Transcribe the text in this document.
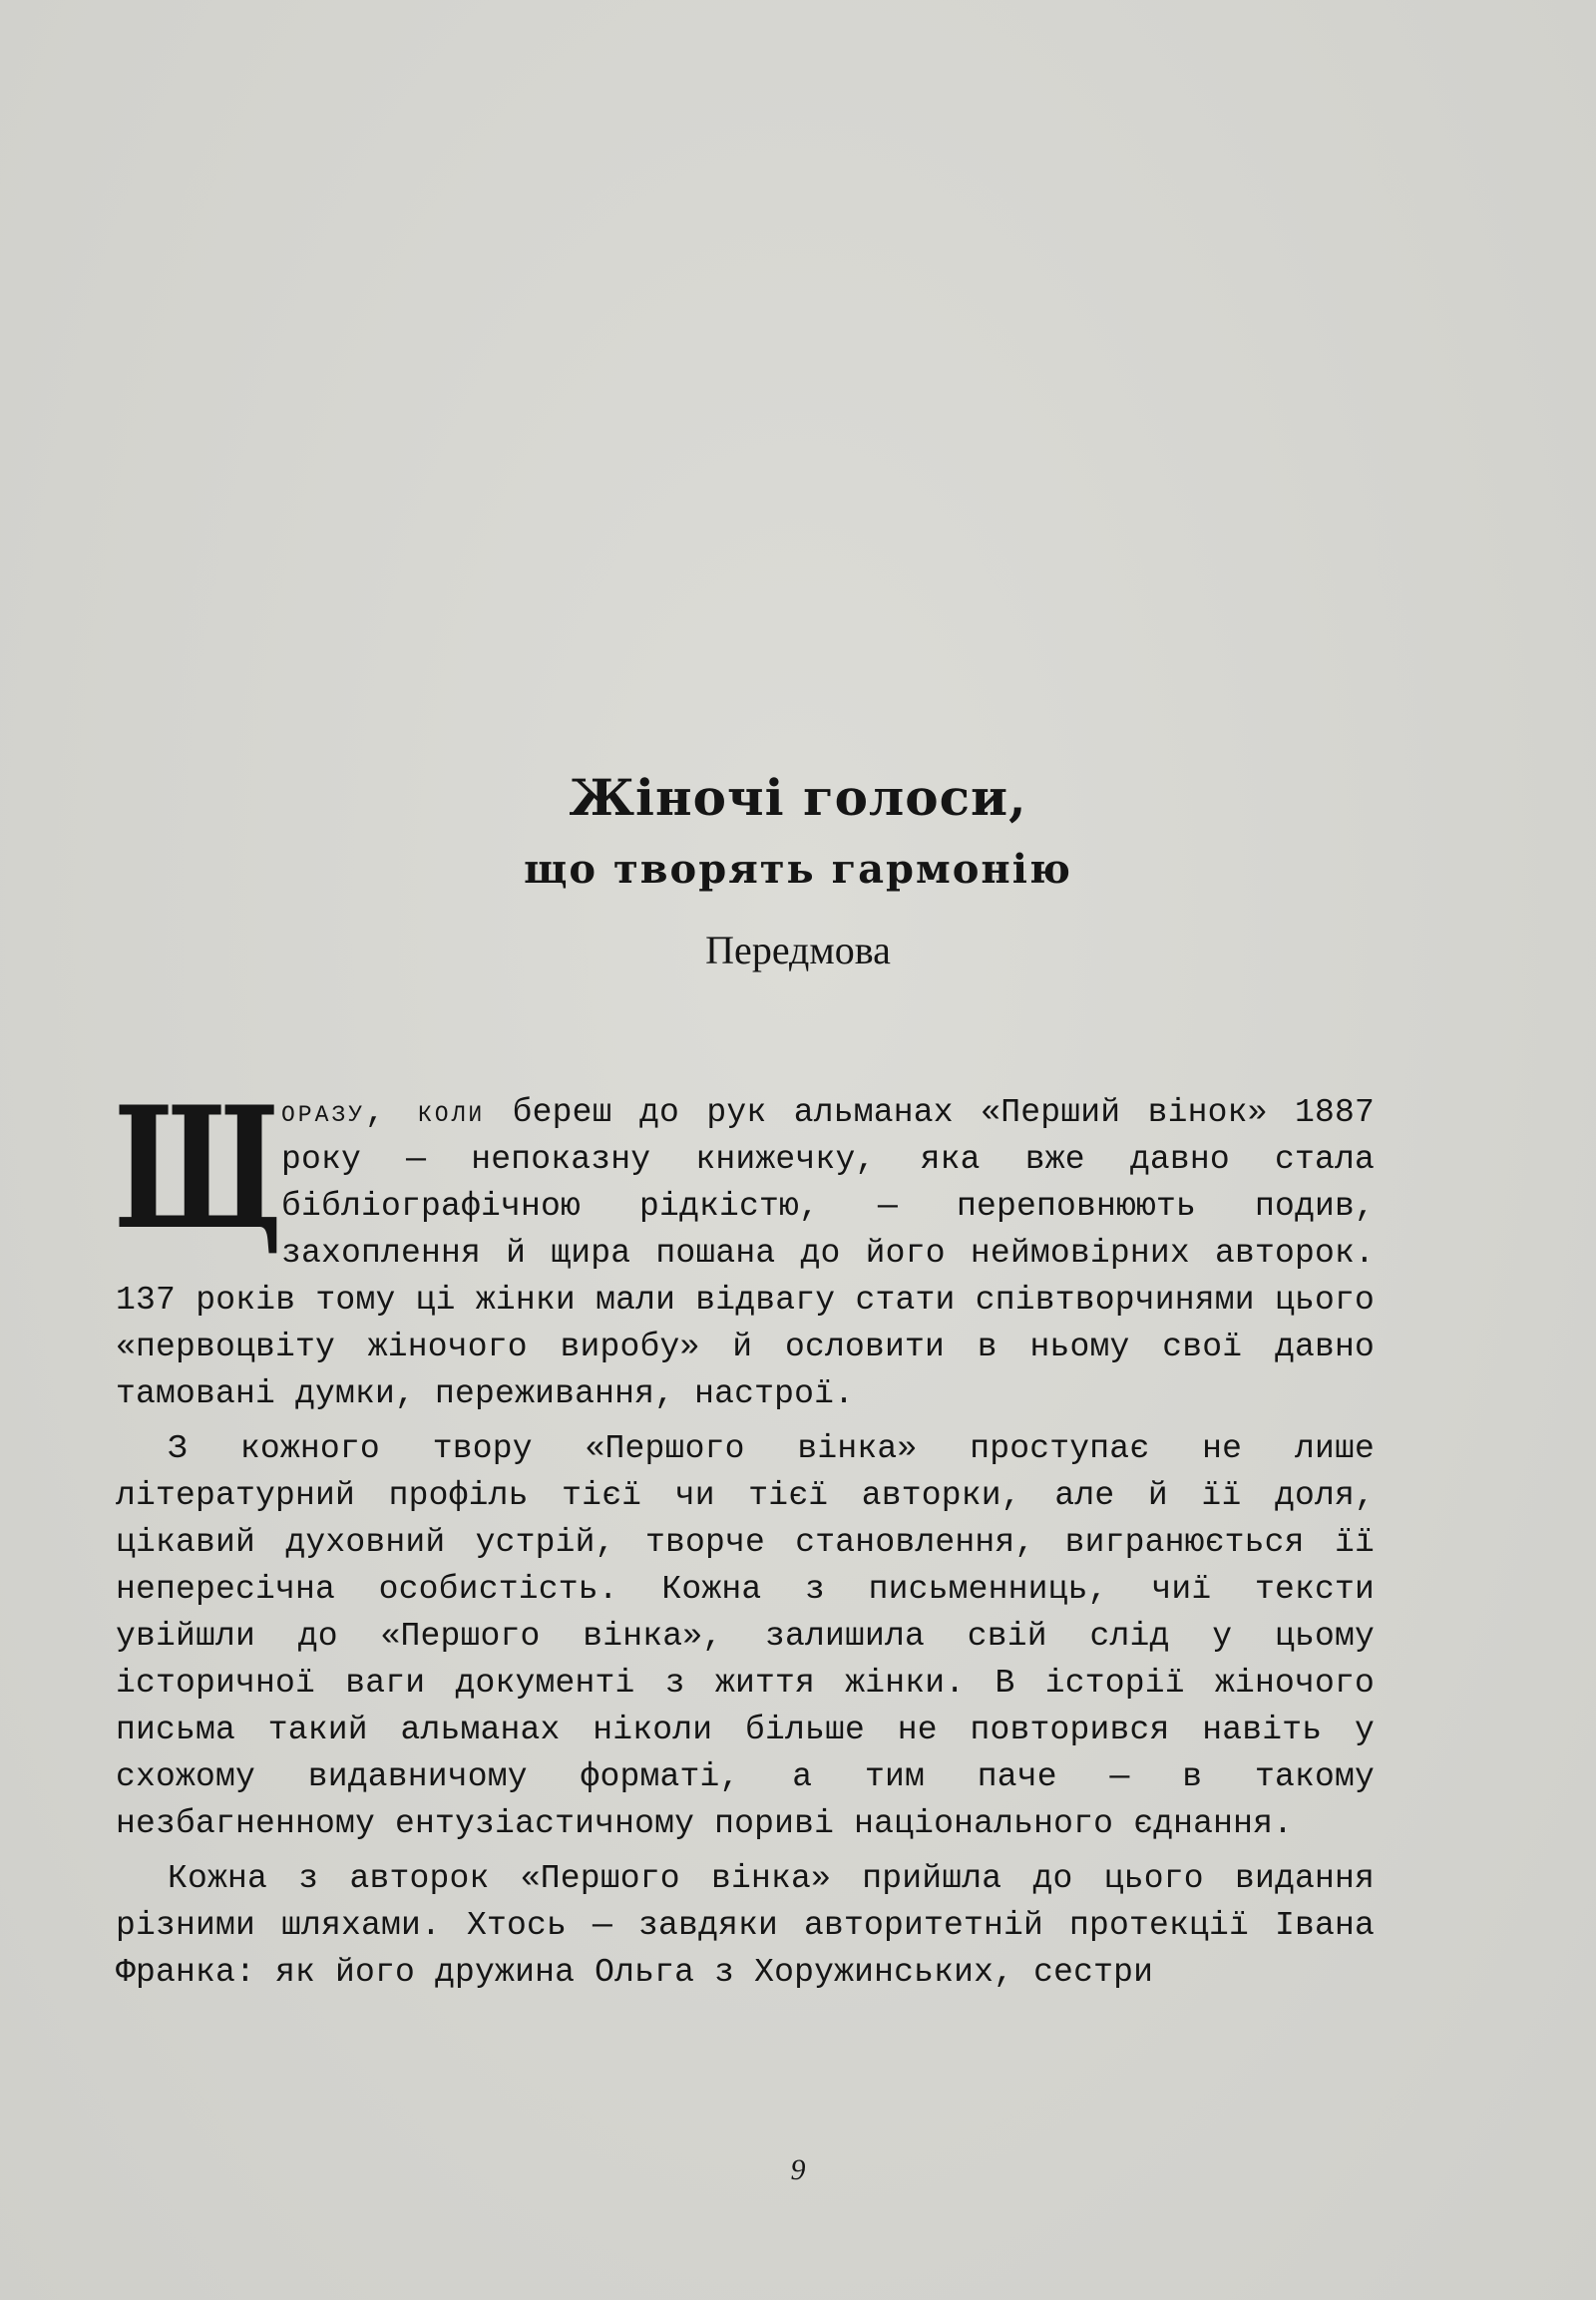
Жіночі голоси,
що творять гармонію
Передмова

Щ
оразу, коли береш до рук альманах «Перший вінок» 1887 року — непоказну книжечку, яка вже давно стала бібліографічною рідкістю, — переповнюють подив, захоплення й щира пошана до його неймовірних авторок. 137 років тому ці жінки мали відвагу стати співтворчинями цього «первоцвіту жіночого виробу» й ословити в ньому свої давно тамовані думки, переживання, настрої.

З кожного твору «Першого вінка» проступає не лише літературний профіль тієї чи тієї авторки, але й її доля, цікавий духовний устрій, творче становлення, вигранюється її непересічна особистість. Кожна з письменниць, чиї тексти увійшли до «Першого вінка», залишила свій слід у цьому історичної ваги документі з життя жінки. В історії жіночого письма такий альманах ніколи більше не повторився навіть у схожому видавничому форматі, а тим паче — в такому незбагненному ентузіастичному пориві національного єднання.

Кожна з авторок «Першого вінка» прийшла до цього видання різними шляхами. Хтось — завдяки авторитетній протекції Івана Франка: як його дружина Ольга з Хоружинських, сестри

9
